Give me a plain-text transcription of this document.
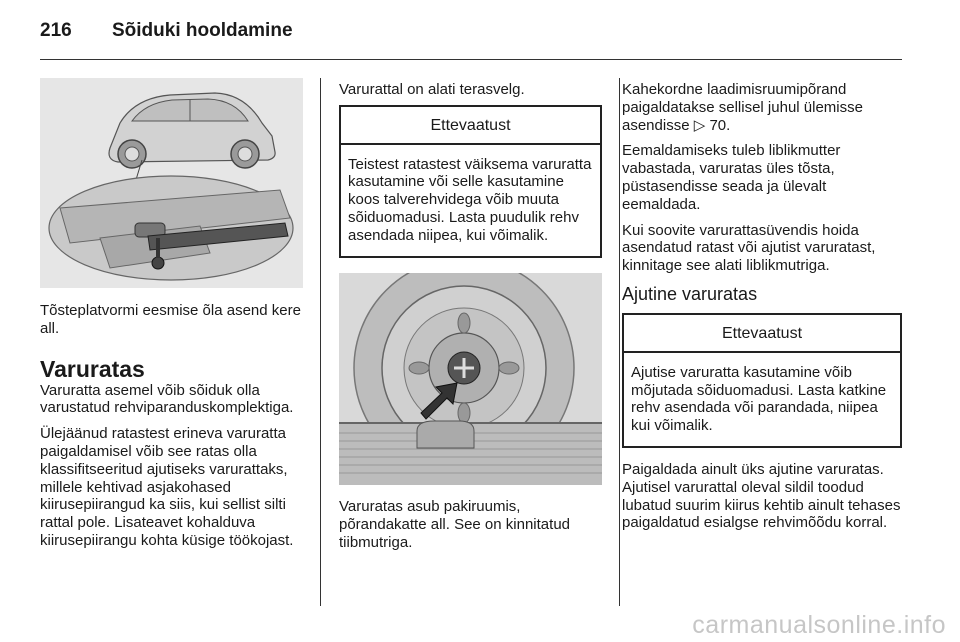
216 Sõiduki hooldamine

Tõsteplatvormi eesmise õla asend kere all.

Varuratas

Varuratta asemel võib sõiduk olla varustatud rehviparanduskomplektiga.

Ülejäänud ratastest erineva varuratta paigaldamisel võib see ratas olla klassifitseeritud ajutiseks varurattaks, millele kehtivad asjakohased kiirusepiirangud ka siis, kui sellist silti rattal pole. Lisateavet kohalduva kiirusepiirangu kohta küsige töökojast.

Varurattal on alati terasvelg.

Ettevaatust
Teistest ratastest väiksema varuratta kasutamine või selle kasutamine koos talverehvidega võib muuta sõiduomadusi. Lasta puudulik rehv asendada niipea, kui võimalik.

Varuratas asub pakiruumis, põrandakatte all. See on kinnitatud tiibmutriga.

Kahekordne laadimisruumipõrand paigaldatakse sellisel juhul ülemisse asendisse ▷ 70.

Eemaldamiseks tuleb liblikmutter vabastada, varuratas üles tõsta, püstasendisse seada ja ülevalt eemaldada.

Kui soovite varurattasüvendis hoida asendatud ratast või ajutist varuratast, kinnitage see alati liblikmutriga.

Ajutine varuratas
Ettevaatust
Ajutise varuratta kasutamine võib mõjutada sõiduomadusi. Lasta katkine rehv asendada või parandada, niipea kui võimalik.

Paigaldada ainult üks ajutine varuratas. Ajutisel varurattal oleval sildil toodud lubatud suurim kiirus kehtib ainult tehases paigaldatud esialgse rehvimõõdu korral.

carmanualsonline.info
